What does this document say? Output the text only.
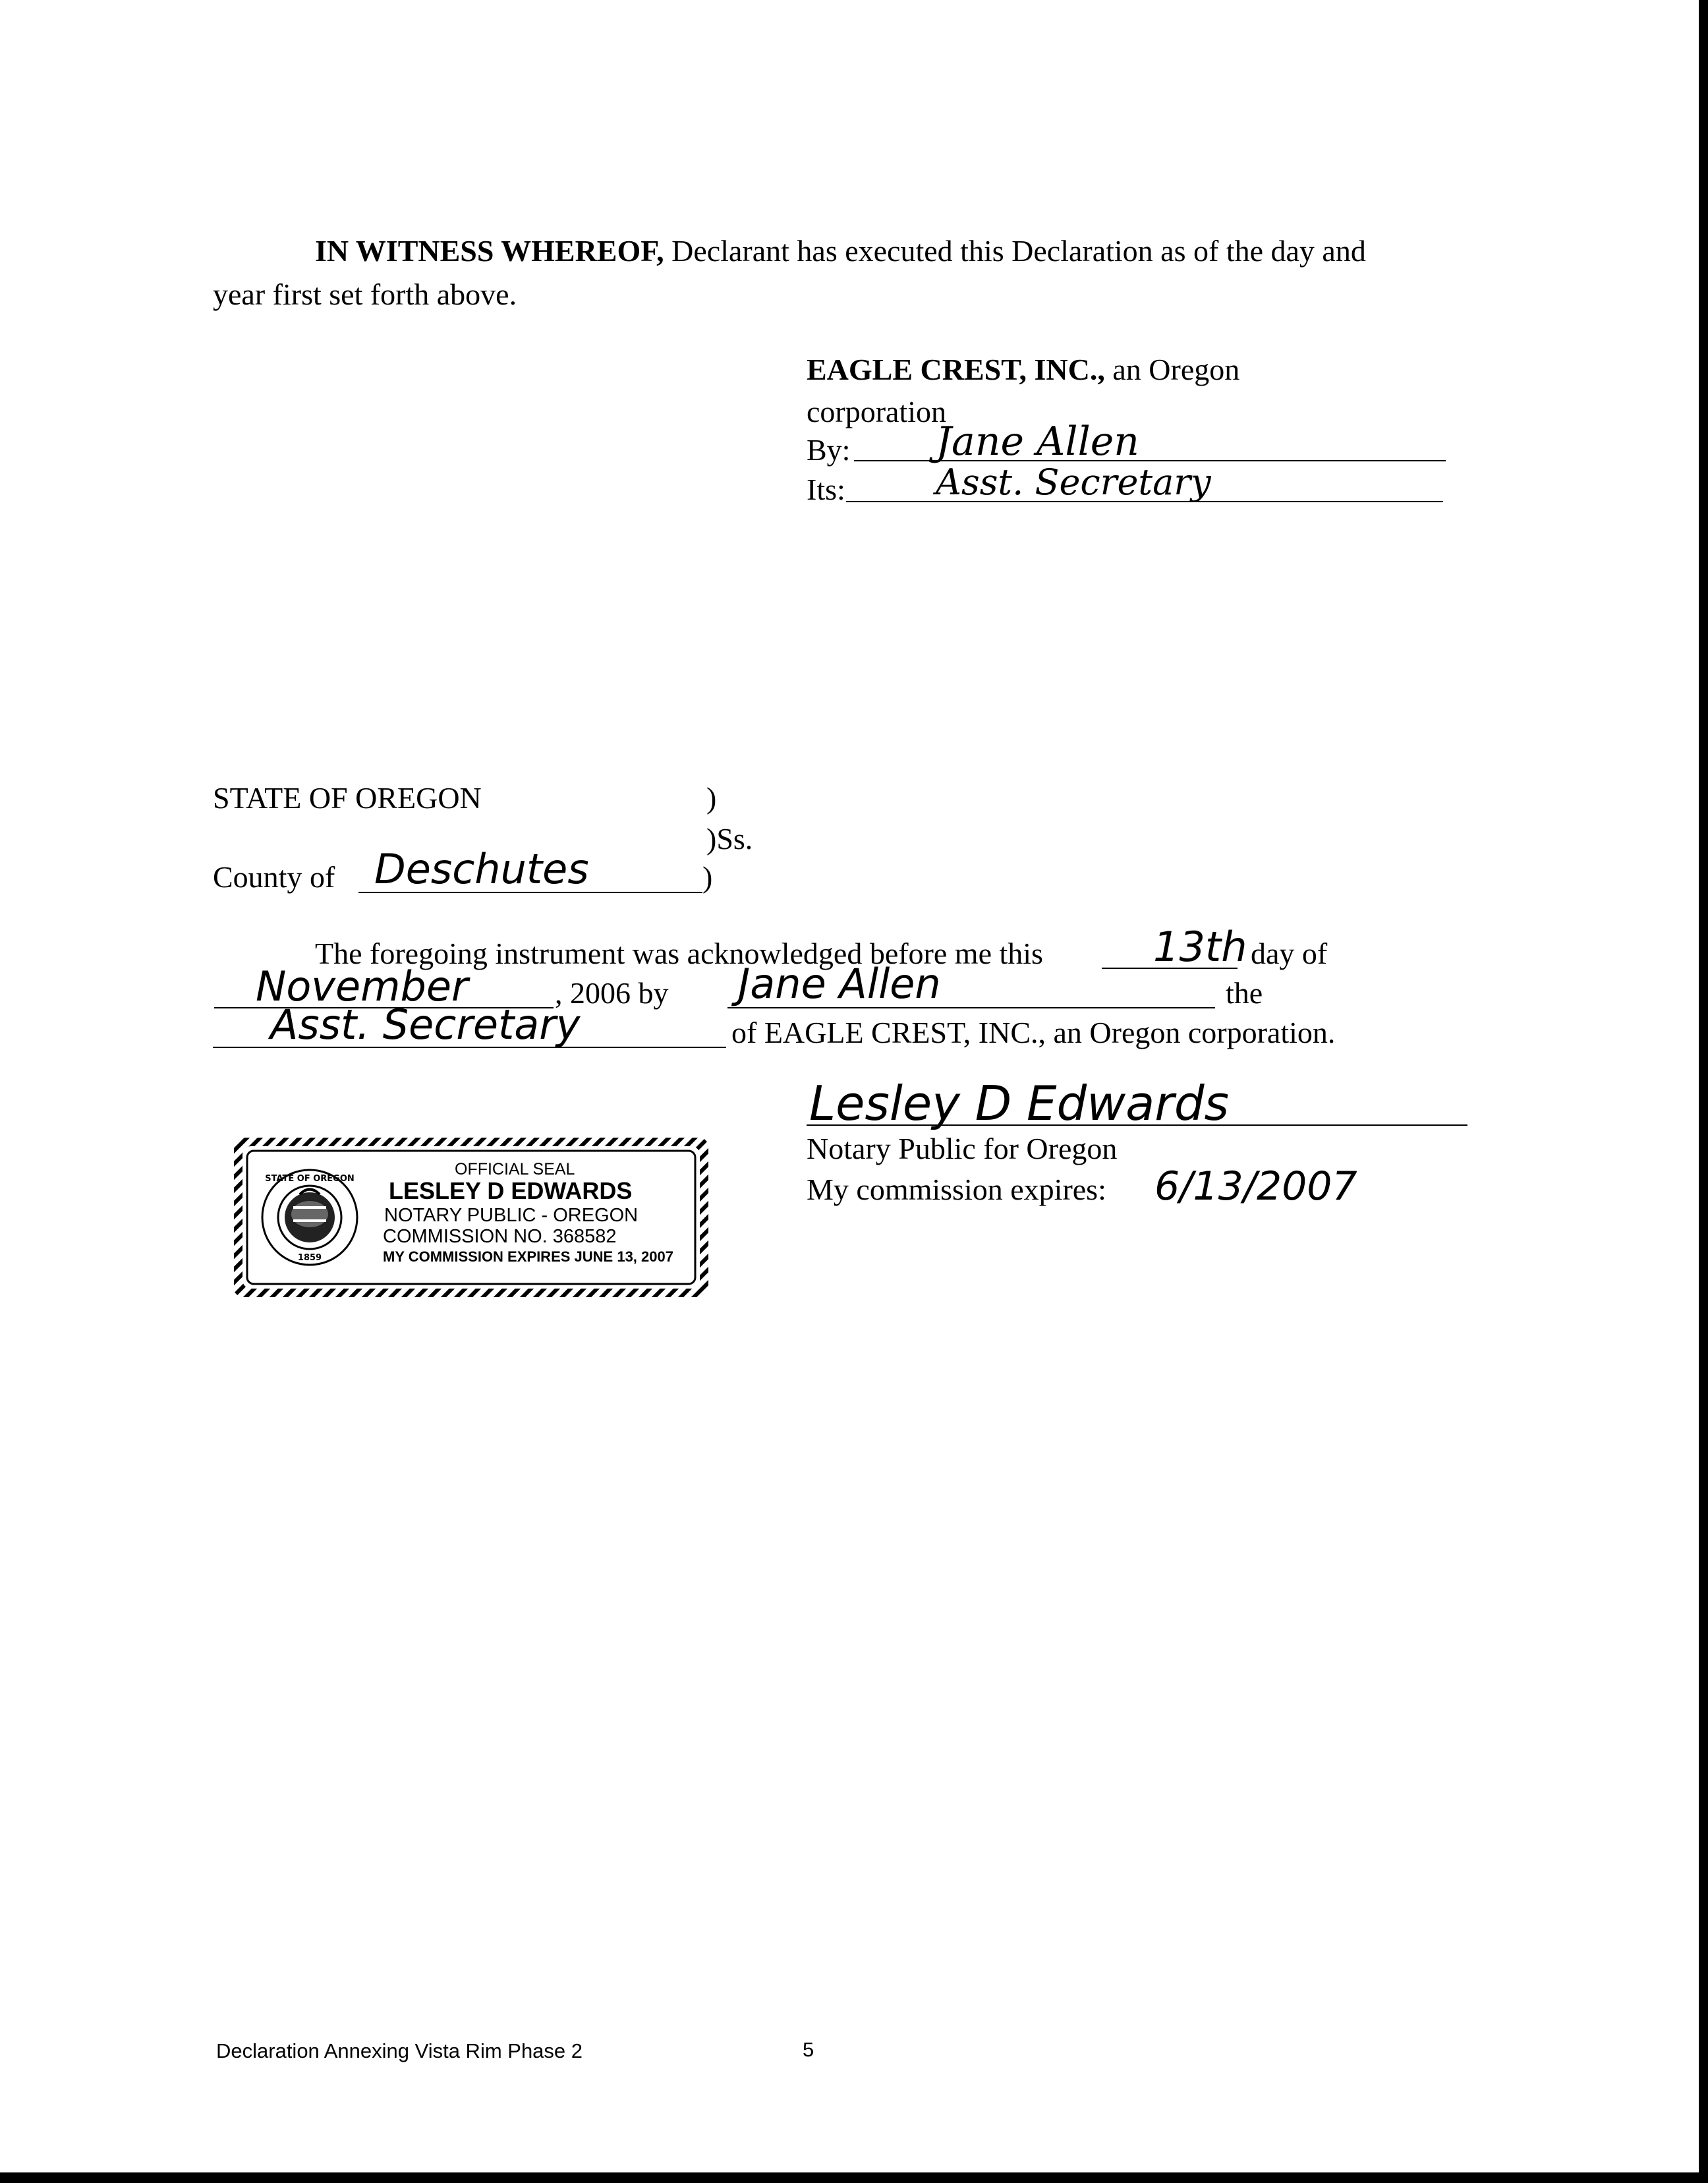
IN WITNESS WHEREOF, Declarant has executed this Declaration as of the day and
year first set forth above.
EAGLE CREST, INC., an Oregon
corporation
By: Jane Allen
Its:	Asst. Secretary
STATE OF OREGON	)
)Ss.
County of Deschutes	)
The foregoing instrument was acknowledged before me this	13th day of
November	, 2006 by Jane Allen	the
Asst. Secretary	of EAGLE CREST, INC., an Oregon corporation.
Lesley D Edwards
Notary Public for Oregon
My commission expires: 6/13/2007
STATE OF OREGON
1859
OFFICIAL SEAL
LESLEY D EDWARDS
NOTARY PUBLIC - OREGON
COMMISSION NO. 368582
MY COMMISSION EXPIRES JUNE 13, 2007
Declaration Annexing Vista Rim Phase 2	5
